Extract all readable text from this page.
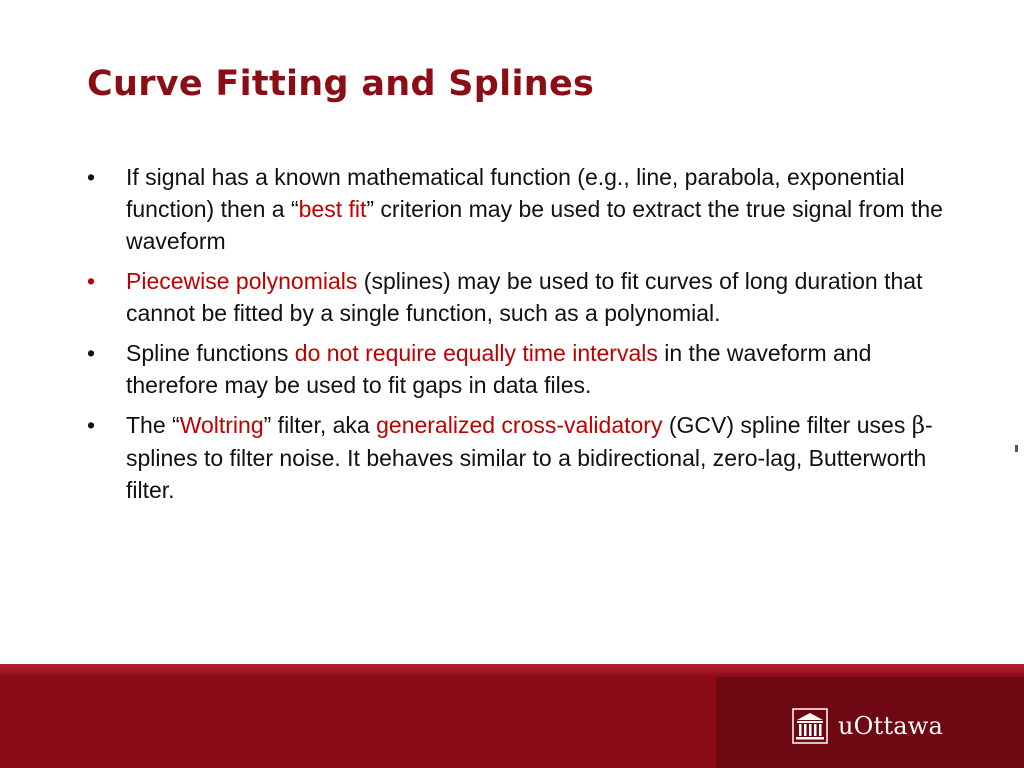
Curve Fitting and Splines
•	If signal has a known mathematical function (e.g., line, parabola, exponential function) then a “best fit” criterion may be used to extract the true signal from the waveform
•	Piecewise polynomials (splines) may be used to fit curves of long duration that cannot be fitted by a single function, such as a polynomial.
•	Spline functions do not require equally time intervals in the waveform and therefore may be used to fit gaps in data files.
•	The “Woltring” filter, aka generalized cross-validatory (GCV) spline filter uses β-splines to filter noise. It behaves similar to a bidirectional, zero-lag, Butterworth filter.
uOttawa
